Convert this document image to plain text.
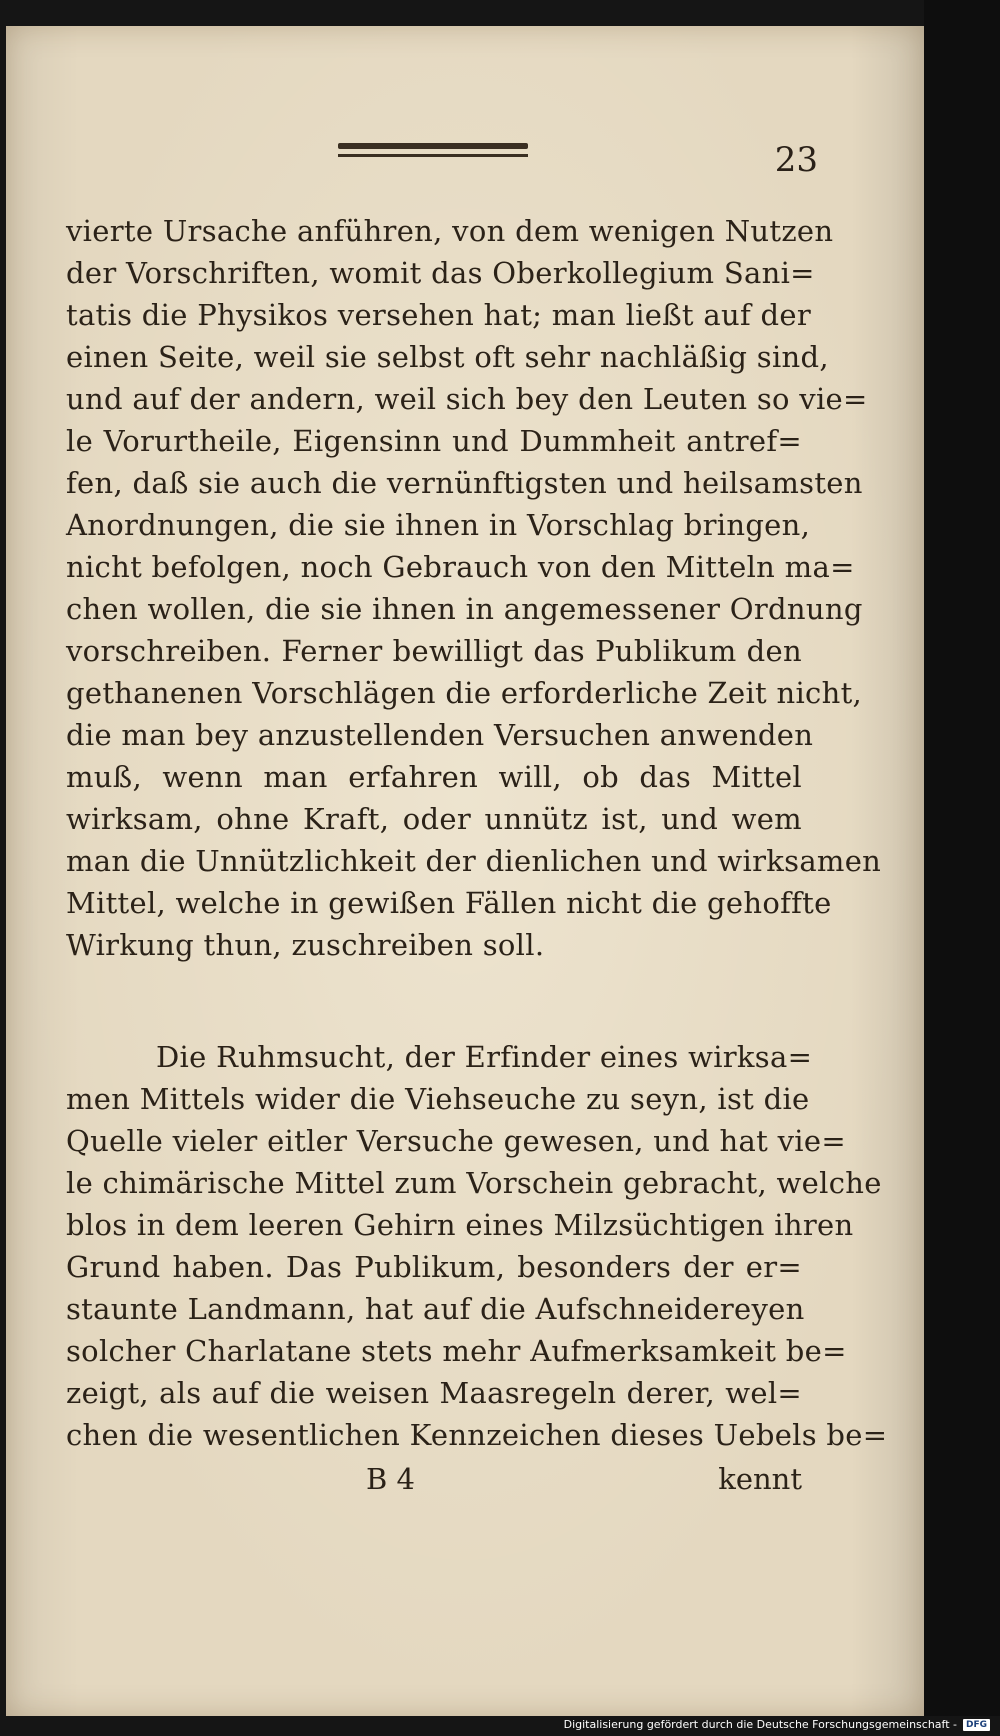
23
vierte Ursache anführen, von dem wenigen Nutzen
der Vorschriften, womit das Oberkollegium Sani=
tatis die Physikos versehen hat; man ließt auf der
einen Seite, weil sie selbst oft sehr nachläßig sind,
und auf der andern, weil sich bey den Leuten so vie=
le Vorurtheile, Eigensinn und Dummheit antref=
fen, daß sie auch die vernünftigsten und heilsamsten
Anordnungen, die sie ihnen in Vorschlag bringen,
nicht befolgen, noch Gebrauch von den Mitteln ma=
chen wollen, die sie ihnen in angemessener Ordnung
vorschreiben. Ferner bewilligt das Publikum den
gethanenen Vorschlägen die erforderliche Zeit nicht,
die man bey anzustellenden Versuchen anwenden
muß, wenn man erfahren will, ob das Mittel
wirksam, ohne Kraft, oder unnütz ist, und wem
man die Unnützlichkeit der dienlichen und wirksamen
Mittel, welche in gewißen Fällen nicht die gehoffte
Wirkung thun, zuschreiben soll.
Die Ruhmsucht, der Erfinder eines wirksa=
men Mittels wider die Viehseuche zu seyn, ist die
Quelle vieler eitler Versuche gewesen, und hat vie=
le chimärische Mittel zum Vorschein gebracht, welche
blos in dem leeren Gehirn eines Milzsüchtigen ihren
Grund haben. Das Publikum, besonders der er=
staunte Landmann, hat auf die Aufschneidereyen
solcher Charlatane stets mehr Aufmerksamkeit be=
zeigt, als auf die weisen Maasregeln derer, wel=
chen die wesentlichen Kennzeichen dieses Uebels be=
B 4	kennt
Digitalisierung gefördert durch die Deutsche Forschungsgemeinschaft -	DFG
